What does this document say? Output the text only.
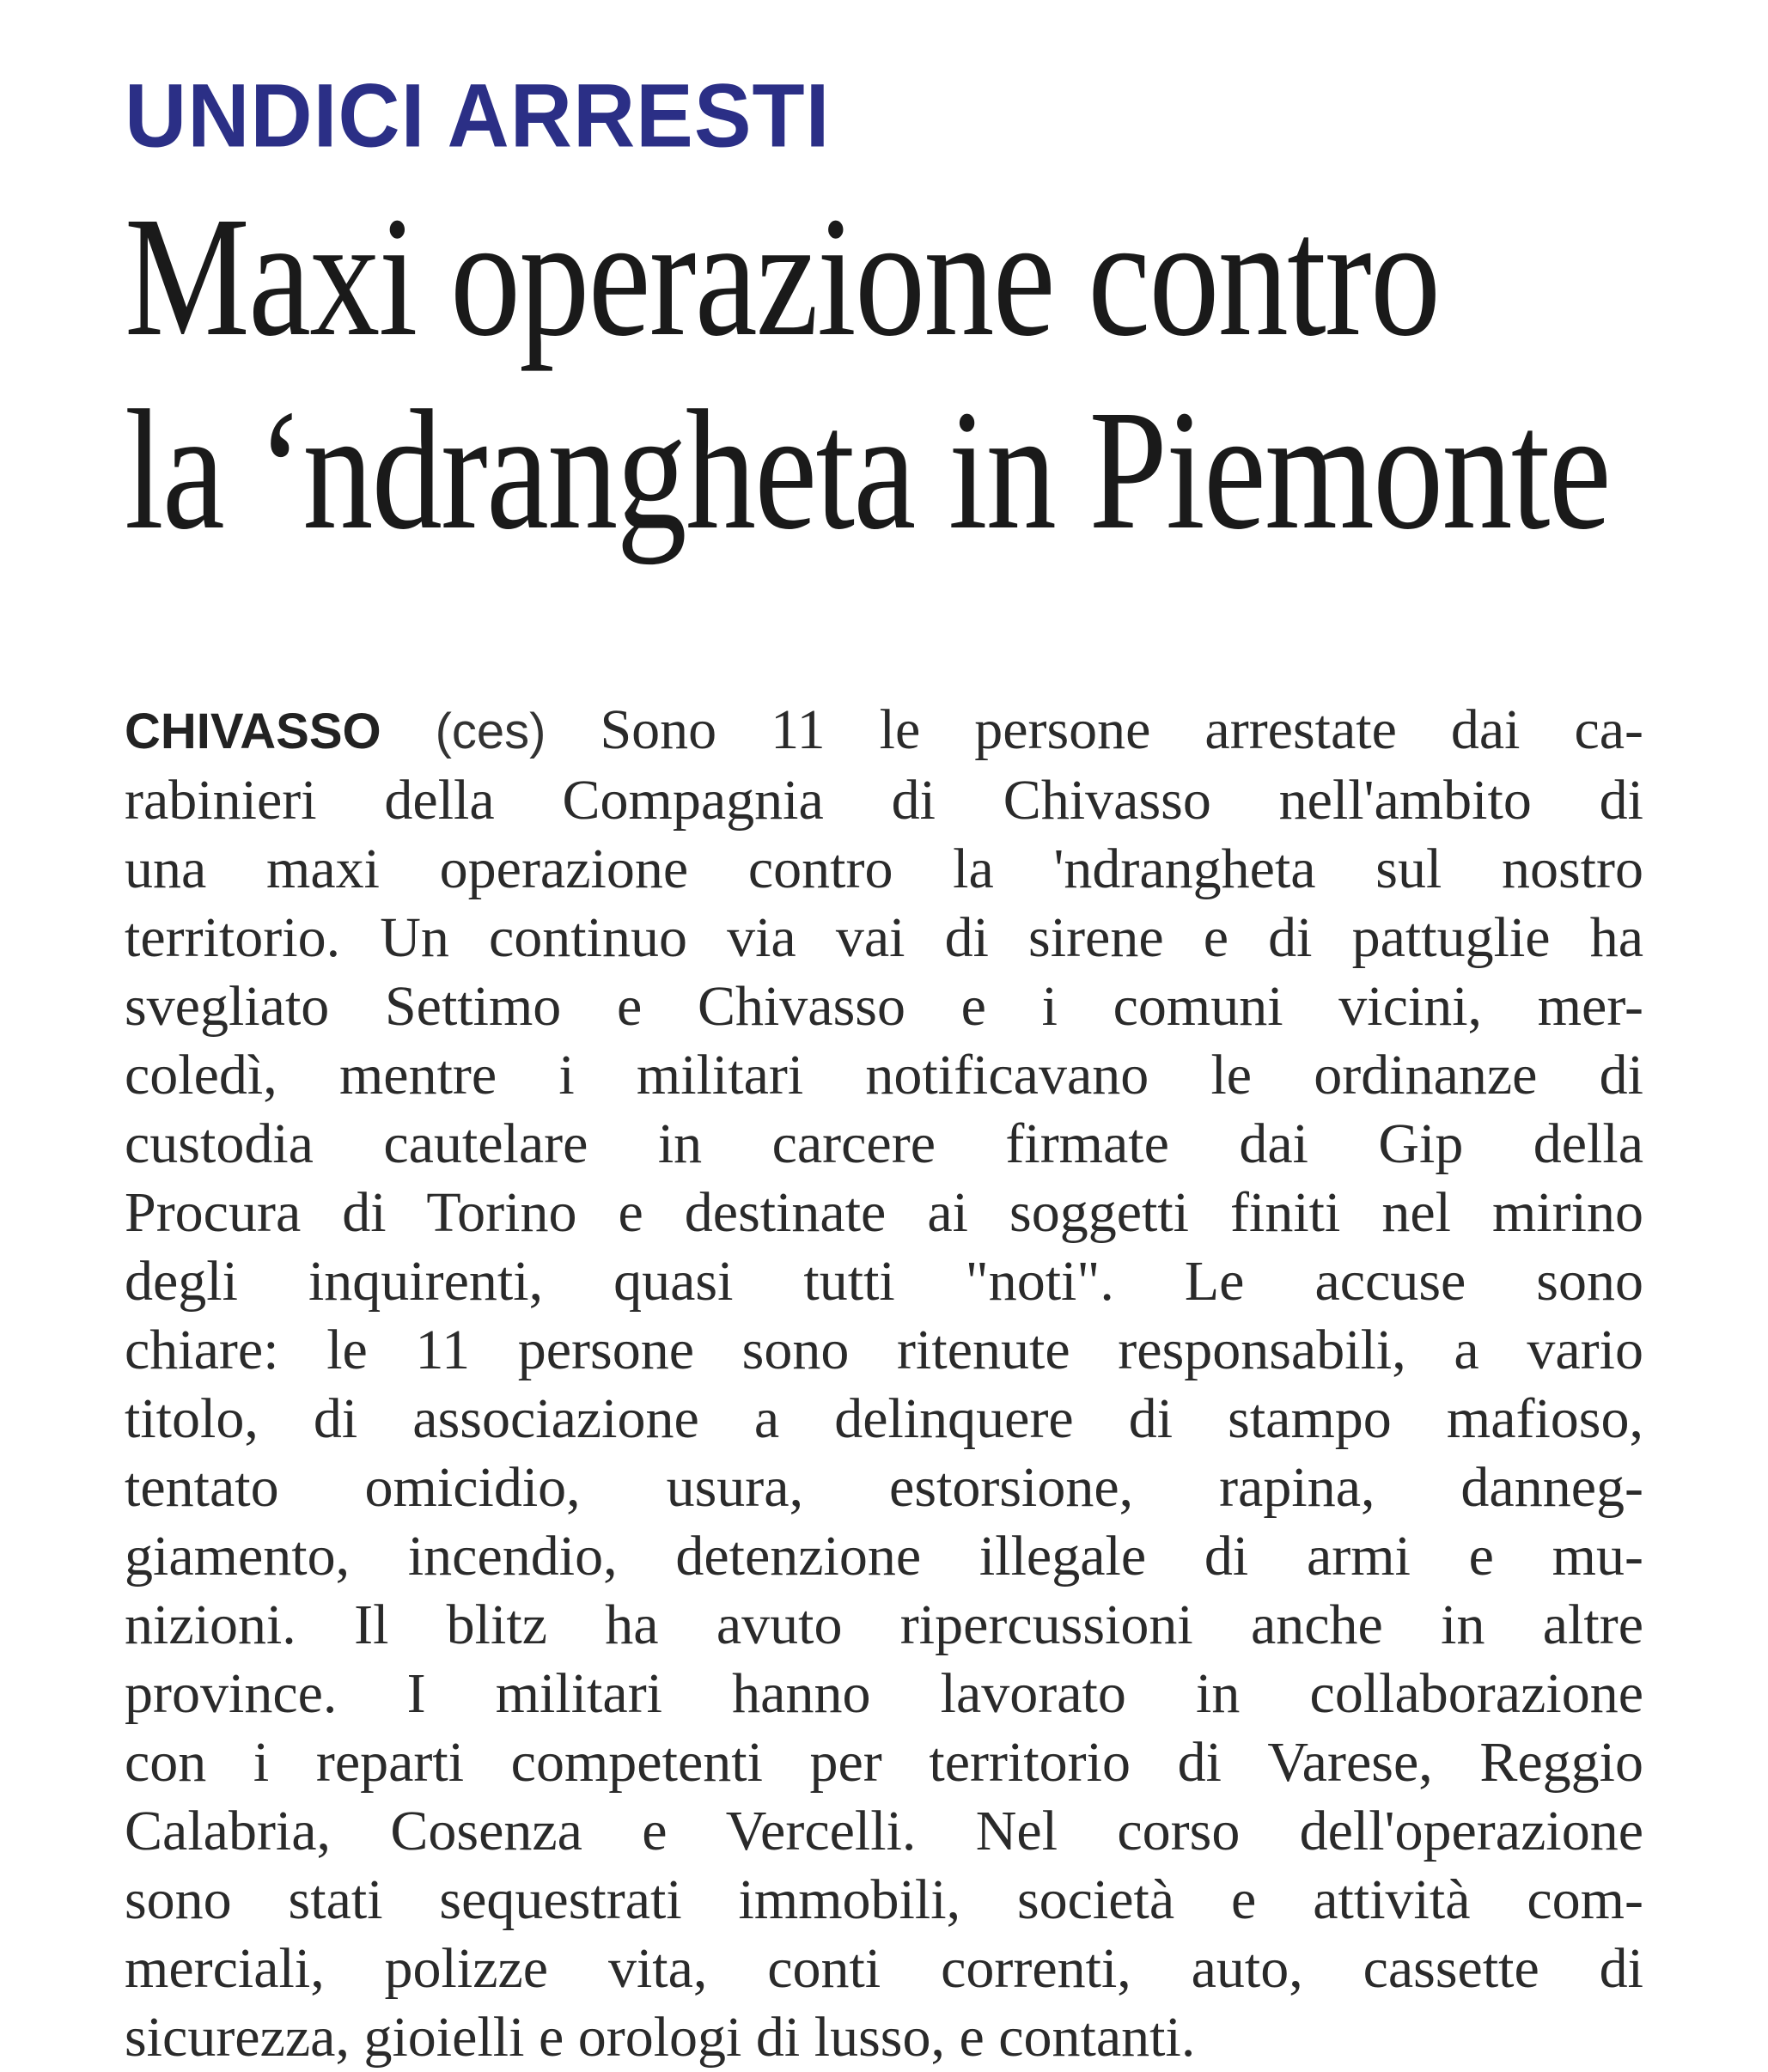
UNDICI ARRESTI
Maxi operazione contro
la ‘ndrangheta in Piemonte
CHIVASSO (ces) Sono 11 le persone arrestate dai ca-
rabinieri della Compagnia di Chivasso nell'ambito di
una maxi operazione contro la 'ndrangheta sul nostro
territorio. Un continuo via vai di sirene e di pattuglie ha
svegliato Settimo e Chivasso e i comuni vicini, mer-
coledì, mentre i militari notificavano le ordinanze di
custodia cautelare in carcere firmate dai Gip della
Procura di Torino e destinate ai soggetti finiti nel mirino
degli inquirenti, quasi tutti "noti". Le accuse sono
chiare: le 11 persone sono ritenute responsabili, a vario
titolo, di associazione a delinquere di stampo mafioso,
tentato omicidio, usura, estorsione, rapina, danneg-
giamento, incendio, detenzione illegale di armi e mu-
nizioni. Il blitz ha avuto ripercussioni anche in altre
province. I militari hanno lavorato in collaborazione
con i reparti competenti per territorio di Varese, Reggio
Calabria, Cosenza e Vercelli. Nel corso dell'operazione
sono stati sequestrati immobili, società e attività com-
merciali, polizze vita, conti correnti, auto, cassette di
sicurezza, gioielli e orologi di lusso, e contanti.
